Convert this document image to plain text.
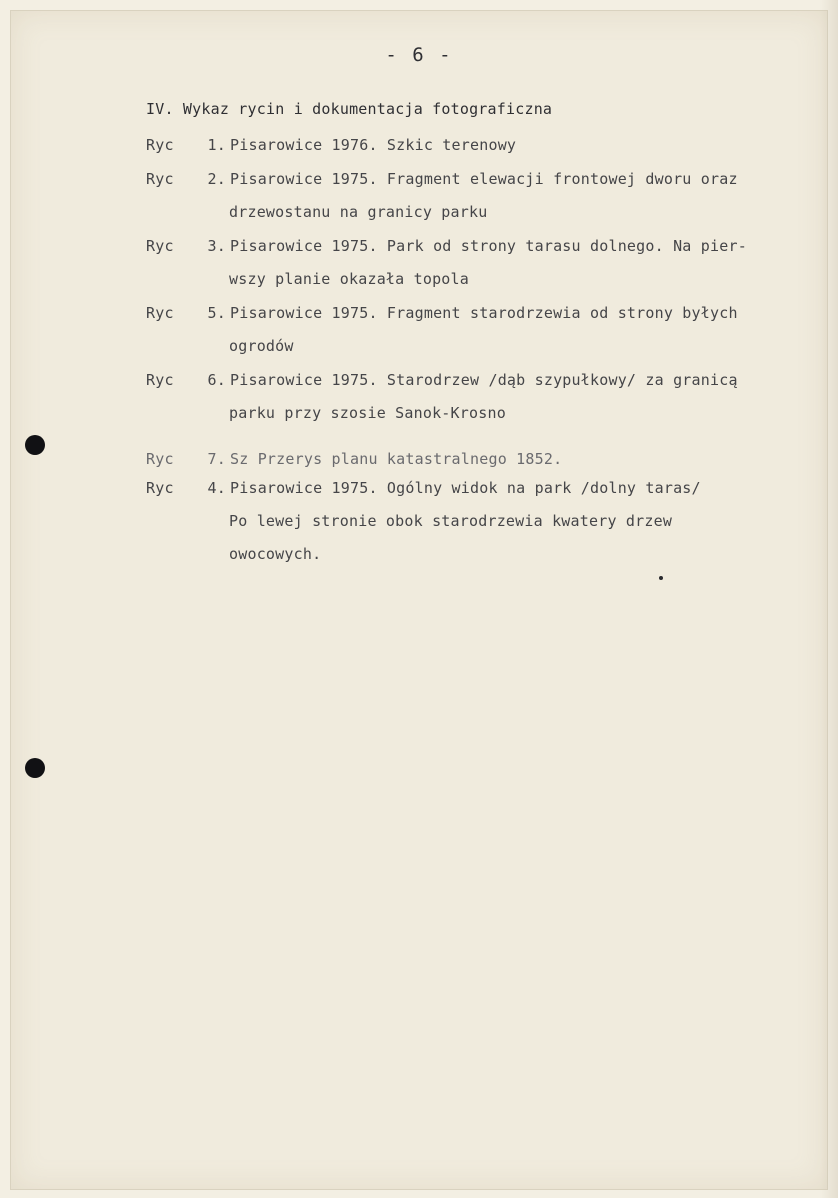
- 6 -
IV. Wykaz rycin i dokumentacja fotograficzna
Ryc 1. Pisarowice 1976. Szkic terenowy
Ryc 2. Pisarowice 1975. Fragment elewacji frontowej dworu oraz
drzewostanu na granicy parku
Ryc 3. Pisarowice 1975. Park od strony tarasu dolnego. Na pier-
wszy planie okazała topola
Ryc 5. Pisarowice 1975. Fragment starodrzewia od strony byłych
ogrodów
Ryc 6. Pisarowice 1975. Starodrzew /dąb szypułkowy/ za granicą
parku przy szosie Sanok-Krosno
Ryc 7. Sz Przerys planu katastralnego 1852.
Ryc 4. Pisarowice 1975. Ogólny widok na park /dolny taras/
Po lewej stronie obok starodrzewia kwatery drzew
owocowych.
